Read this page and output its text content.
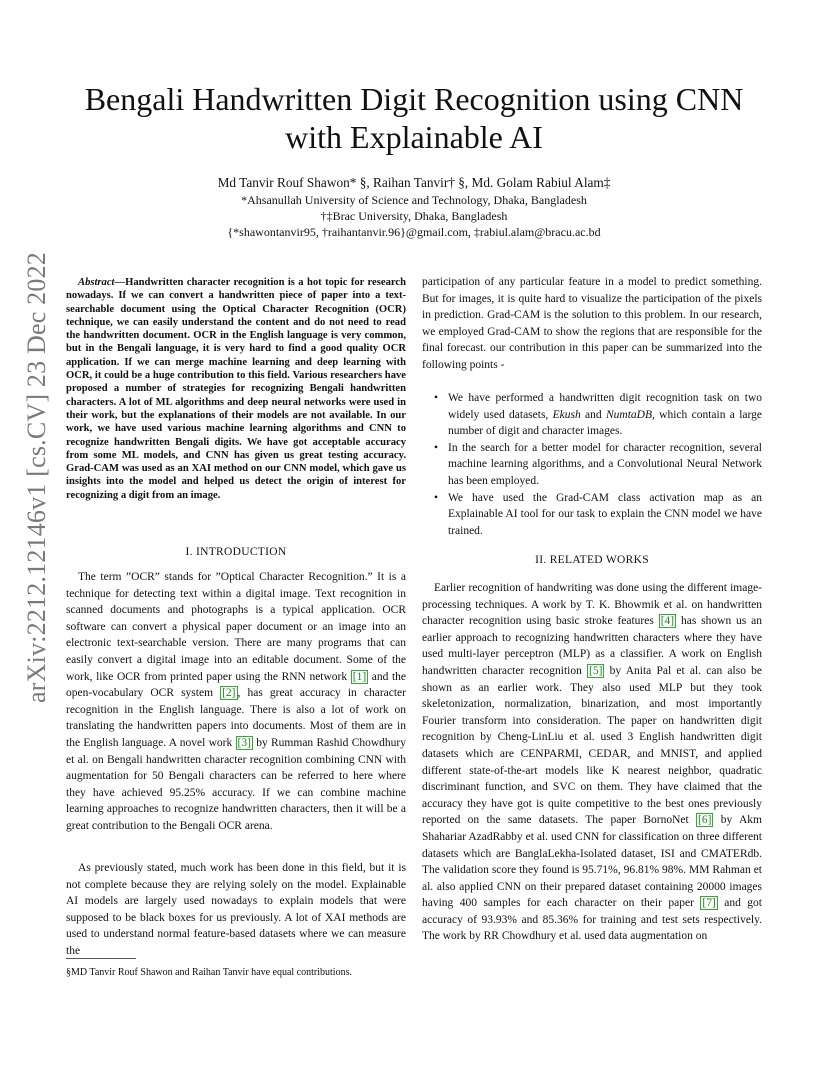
arXiv:2212.12146v1 [cs.CV] 23 Dec 2022
Bengali Handwritten Digit Recognition using CNN
with Explainable AI
Md Tanvir Rouf Shawon* §, Raihan Tanvir† §, Md. Golam Rabiul Alam‡
*Ahsanullah University of Science and Technology, Dhaka, Bangladesh
†‡Brac University, Dhaka, Bangladesh
{*shawontanvir95, †raihantanvir.96}@gmail.com, ‡rabiul.alam@bracu.ac.bd
Abstract—Handwritten character recognition is a hot topic for research nowadays. If we can convert a handwritten piece of paper into a text-searchable document using the Optical Character Recognition (OCR) technique, we can easily understand the content and do not need to read the handwritten document. OCR in the English language is very common, but in the Bengali language, it is very hard to find a good quality OCR application. If we can merge machine learning and deep learning with OCR, it could be a huge contribution to this field. Various researchers have proposed a number of strategies for recognizing Bengali handwritten characters. A lot of ML algorithms and deep neural networks were used in their work, but the explanations of their models are not available. In our work, we have used various machine learning algorithms and CNN to recognize handwritten Bengali digits. We have got acceptable accuracy from some ML models, and CNN has given us great testing accuracy. Grad-CAM was used as an XAI method on our CNN model, which gave us insights into the model and helped us detect the origin of interest for recognizing a digit from an image.
I. INTRODUCTION
The term ”OCR” stands for ”Optical Character Recognition.” It is a technique for detecting text within a digital image. Text recognition in scanned documents and photographs is a typical application. OCR software can convert a physical paper document or an image into an electronic text-searchable version. There are many programs that can easily convert a digital image into an editable document. Some of the work, like OCR from printed paper using the RNN network [1] and the open-vocabulary OCR system [2] , has great accuracy in character recognition in the English language. There is also a lot of work on translating the handwritten papers into documents. Most of them are in the English language. A novel work [3] by Rumman Rashid Chowdhury et al. on Bengali handwritten character recognition combining CNN with augmentation for 50 Bengali characters can be referred to here where they have achieved 95.25% accuracy. If we can combine machine learning approaches to recognize handwritten characters, then it will be a great contribution to the Bengali OCR arena.
As previously stated, much work has been done in this field, but it is not complete because they are relying solely on the model. Explainable AI models are largely used nowadays to explain models that were supposed to be black boxes for us previously. A lot of XAI methods are used to understand normal feature-based datasets where we can measure the
§MD Tanvir Rouf Shawon and Raihan Tanvir have equal contributions.
participation of any particular feature in a model to predict something. But for images, it is quite hard to visualize the participation of the pixels in prediction. Grad-CAM is the solution to this problem. In our research, we employed Grad-CAM to show the regions that are responsible for the final forecast. our contribution in this paper can be summarized into the following points -
• We have performed a handwritten digit recognition task on two widely used datasets, Ekush and NumtaDB, which contain a large number of digit and character images.
• In the search for a better model for character recognition, several machine learning algorithms, and a Convolutional Neural Network has been employed.
• We have used the Grad-CAM class activation map as an Explainable AI tool for our task to explain the CNN model we have trained.
II. RELATED WORKS
Earlier recognition of handwriting was done using the different image-processing techniques. A work by T. K. Bhowmik et al. on handwritten character recognition using basic stroke features [4] has shown us an earlier approach to recognizing handwritten characters where they have used multi-layer perceptron (MLP) as a classifier. A work on English handwritten character recognition [5] by Anita Pal et al. can also be shown as an earlier work. They also used MLP but they took skeletonization, normalization, binarization, and most importantly Fourier transform into consideration. The paper on handwritten digit recognition by Cheng-LinLiu et al. used 3 English handwritten digit datasets which are CENPARMI, CEDAR, and MNIST, and applied different state-of-the-art models like K nearest neighbor, quadratic discriminant function, and SVC on them. They have claimed that the accuracy they have got is quite competitive to the best ones previously reported on the same datasets. The paper BornoNet [6] by Akm Shahariar AzadRabby et al. used CNN for classification on three different datasets which are BanglaLekha-Isolated dataset, ISI and CMATERdb. The validation score they found is 95.71%, 96.81% 98%. MM Rahman et al. also applied CNN on their prepared dataset containing 20000 images having 400 samples for each character on their paper [7] and got accuracy of 93.93% and 85.36% for training and test sets respectively. The work by RR Chowdhury et al. used data augmentation on
